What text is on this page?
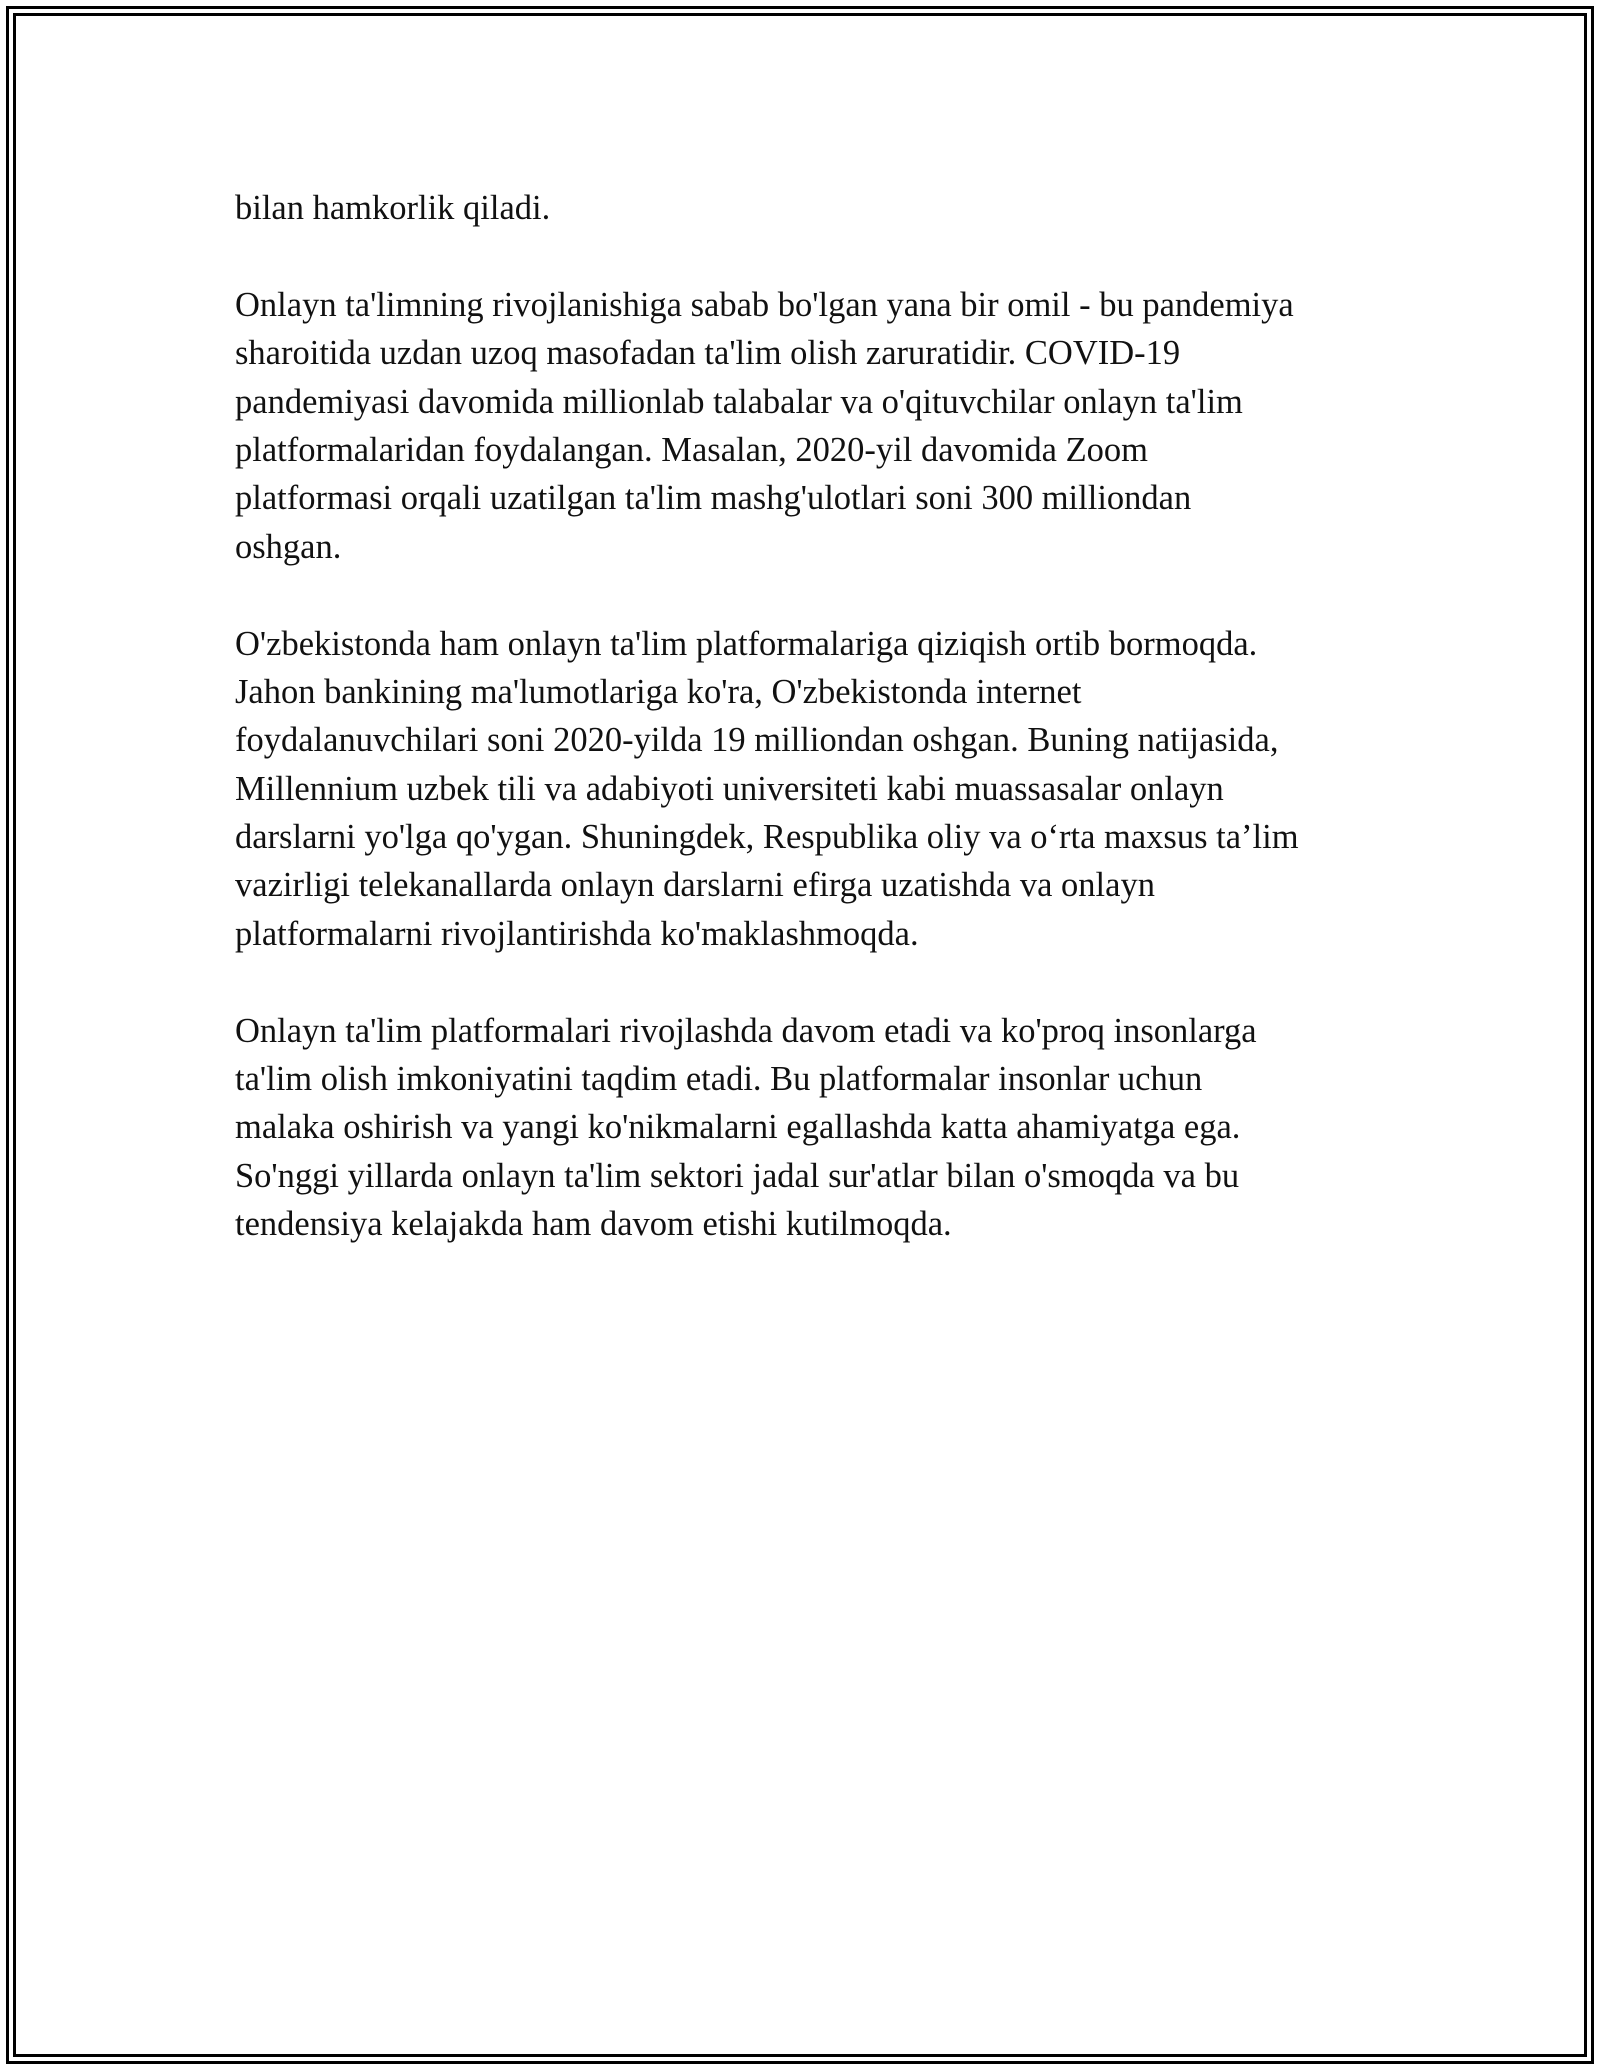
bilan hamkorlik qiladi.
Onlayn ta'limning rivojlanishiga sabab bo'lgan yana bir omil - bu pandemiya
sharoitida uzdan uzoq masofadan ta'lim olish zaruratidir. COVID-19
pandemiyasi davomida millionlab talabalar va o'qituvchilar onlayn ta'lim
platformalaridan foydalangan. Masalan, 2020-yil davomida Zoom
platformasi orqali uzatilgan ta'lim mashg'ulotlari soni 300 milliondan
oshgan.
O'zbekistonda ham onlayn ta'lim platformalariga qiziqish ortib bormoqda.
Jahon bankining ma'lumotlariga ko'ra, O'zbekistonda internet
foydalanuvchilari soni 2020-yilda 19 milliondan oshgan. Buning natijasida,
Millennium uzbek tili va adabiyoti universiteti kabi muassasalar onlayn
darslarni yo'lga qo'ygan. Shuningdek, Respublika oliy va o‘rta maxsus ta’lim
vazirligi telekanallarda onlayn darslarni efirga uzatishda va onlayn
platformalarni rivojlantirishda ko'maklashmoqda.
Onlayn ta'lim platformalari rivojlashda davom etadi va ko'proq insonlarga
ta'lim olish imkoniyatini taqdim etadi. Bu platformalar insonlar uchun
malaka oshirish va yangi ko'nikmalarni egallashda katta ahamiyatga ega.
So'nggi yillarda onlayn ta'lim sektori jadal sur'atlar bilan o'smoqda va bu
tendensiya kelajakda ham davom etishi kutilmoqda.
